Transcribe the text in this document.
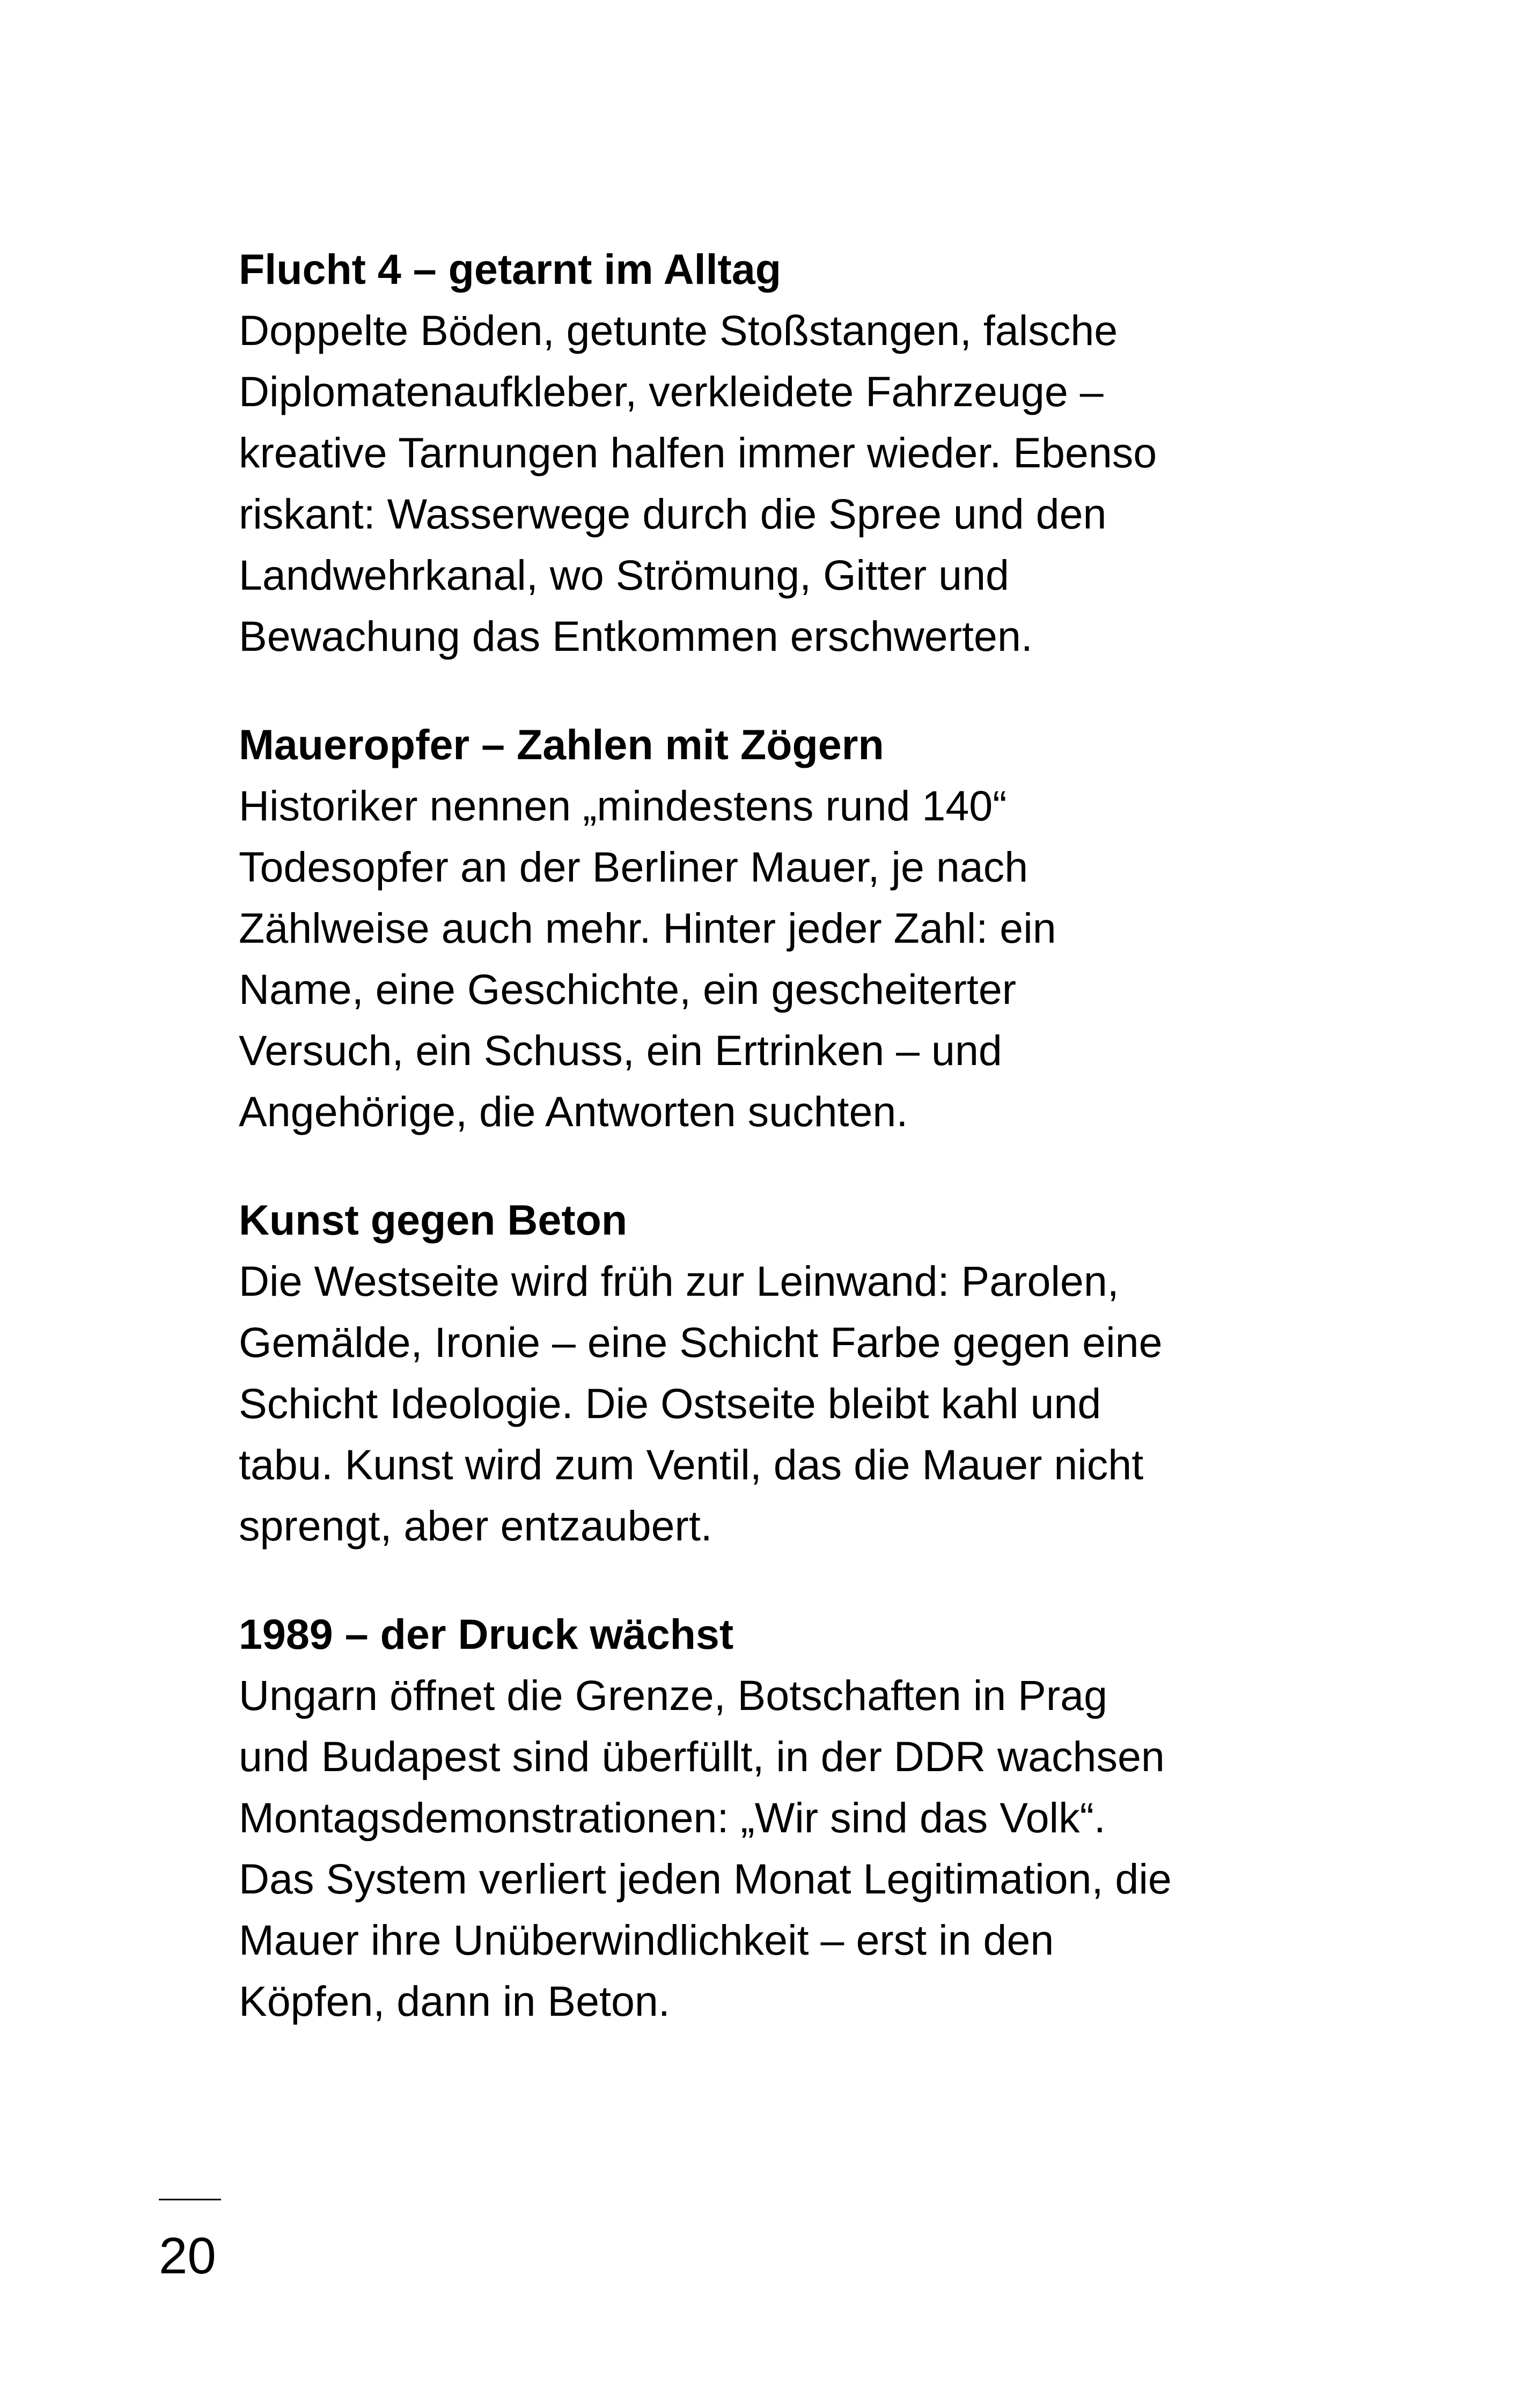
Flucht 4 – getarnt im Alltag

Doppelte Böden, getunte Stoßstangen, falsche
Diplomatenaufkleber, verkleidete Fahrzeuge –
kreative Tarnungen halfen immer wieder. Ebenso
riskant: Wasserwege durch die Spree und den
Landwehrkanal, wo Strömung, Gitter und
Bewachung das Entkommen erschwerten.

Maueropfer – Zahlen mit Zögern

Historiker nennen „mindestens rund 140“
Todesopfer an der Berliner Mauer, je nach
Zählweise auch mehr. Hinter jeder Zahl: ein
Name, eine Geschichte, ein gescheiterter
Versuch, ein Schuss, ein Ertrinken – und
Angehörige, die Antworten suchten.

Kunst gegen Beton

Die Westseite wird früh zur Leinwand: Parolen,
Gemälde, Ironie – eine Schicht Farbe gegen eine
Schicht Ideologie. Die Ostseite bleibt kahl und
tabu. Kunst wird zum Ventil, das die Mauer nicht
sprengt, aber entzaubert.

1989 – der Druck wächst

Ungarn öffnet die Grenze, Botschaften in Prag
und Budapest sind überfüllt, in der DDR wachsen
Montagsdemonstrationen: „Wir sind das Volk“.
Das System verliert jeden Monat Legitimation, die
Mauer ihre Unüberwindlichkeit – erst in den
Köpfen, dann in Beton.

20
